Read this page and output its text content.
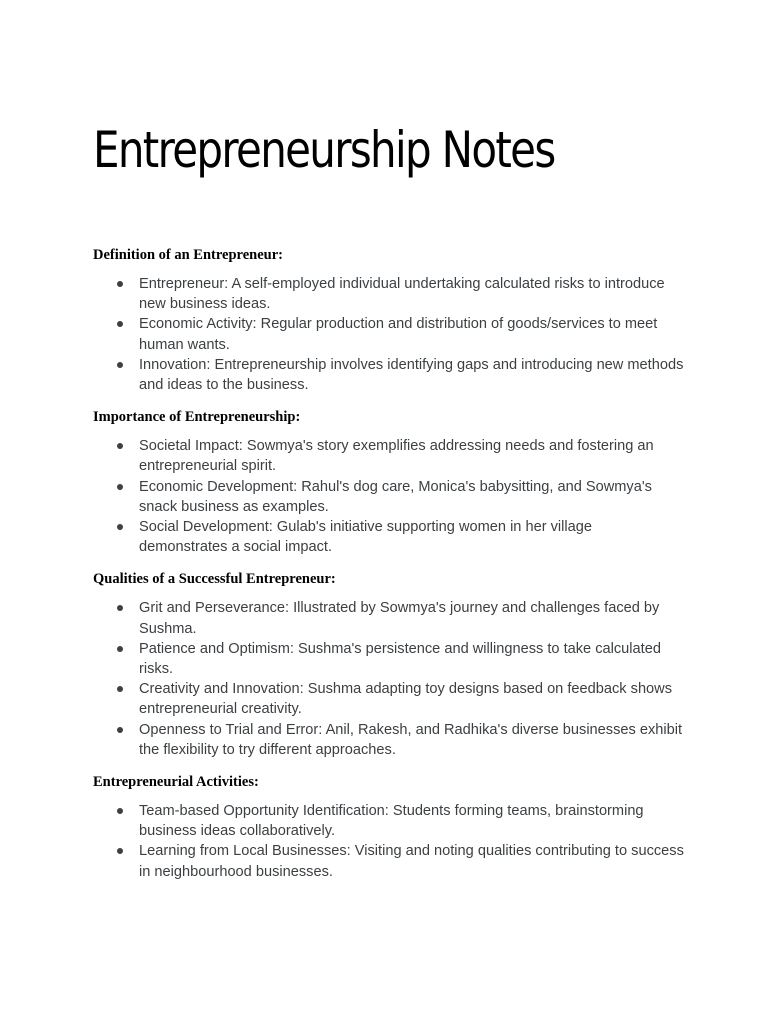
Entrepreneurship Notes
Definition of an Entrepreneur:
Entrepreneur: A self-employed individual undertaking calculated risks to introduce new business ideas.
Economic Activity: Regular production and distribution of goods/services to meet human wants.
Innovation: Entrepreneurship involves identifying gaps and introducing new methods and ideas to the business.
Importance of Entrepreneurship:
Societal Impact: Sowmya's story exemplifies addressing needs and fostering an entrepreneurial spirit.
Economic Development: Rahul's dog care, Monica's babysitting, and Sowmya's snack business as examples.
Social Development: Gulab's initiative supporting women in her village demonstrates a social impact.
Qualities of a Successful Entrepreneur:
Grit and Perseverance: Illustrated by Sowmya's journey and challenges faced by Sushma.
Patience and Optimism: Sushma's persistence and willingness to take calculated risks.
Creativity and Innovation: Sushma adapting toy designs based on feedback shows entrepreneurial creativity.
Openness to Trial and Error: Anil, Rakesh, and Radhika's diverse businesses exhibit the flexibility to try different approaches.
Entrepreneurial Activities:
Team-based Opportunity Identification: Students forming teams, brainstorming business ideas collaboratively.
Learning from Local Businesses: Visiting and noting qualities contributing to success in neighbourhood businesses.
